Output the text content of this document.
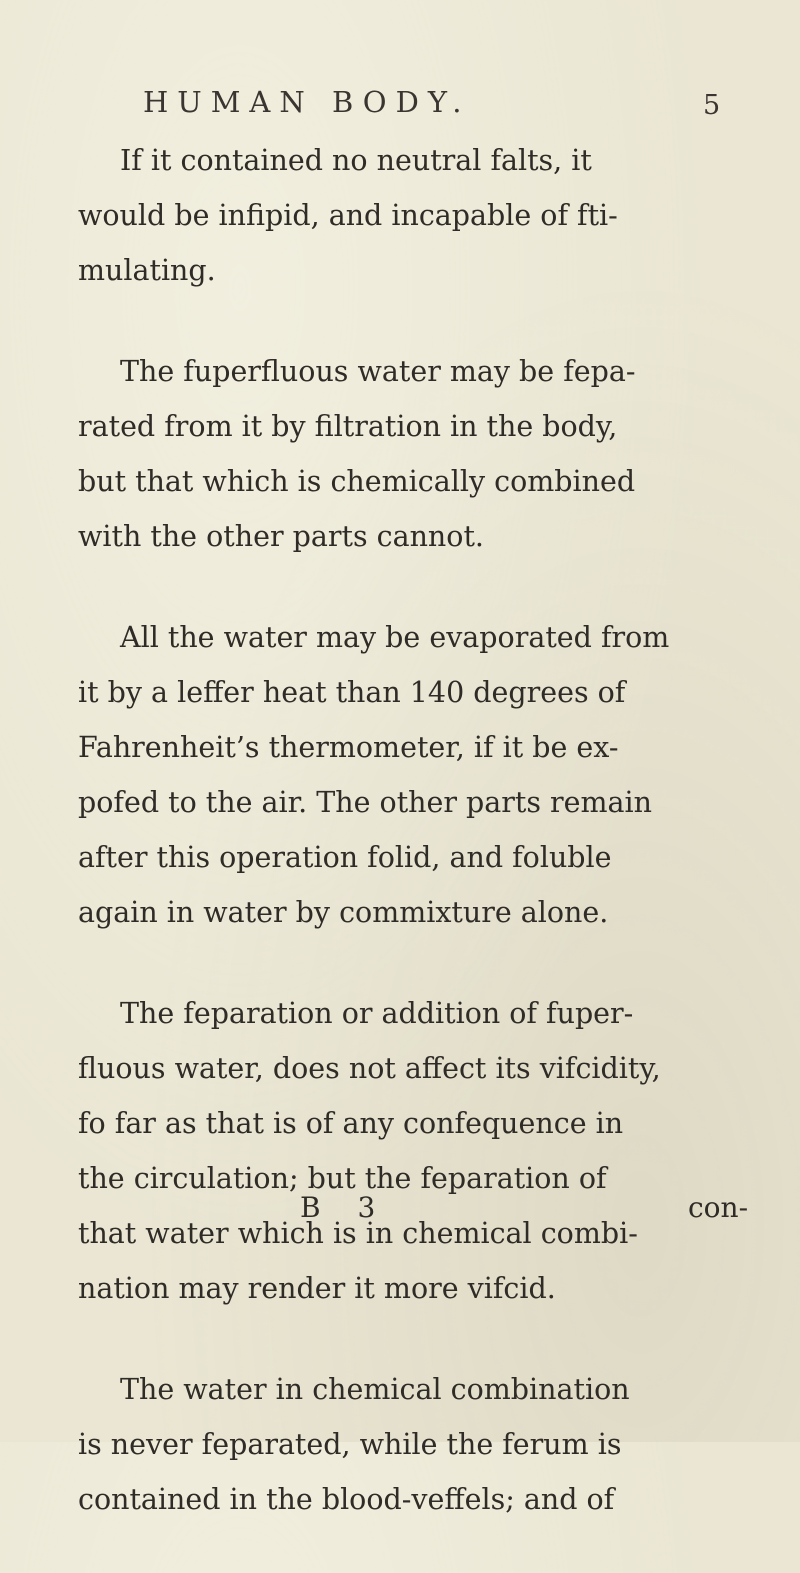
HUMAN BODY.	5

If it contained no neutral falts, it
would be infipid, and incapable of fti-
mulating.

The fuperfluous water may be fepa-
rated from it by filtration in the body,
but that which is chemically combined
with the other parts cannot.

All the water may be evaporated from
it by a leffer heat than 140 degrees of
Fahrenheit’s thermometer, if it be ex-
pofed to the air. The other parts remain
after this operation folid, and foluble
again in water by commixture alone.

The feparation or addition of fuper-
fluous water, does not affect its vifcidity,
fo far as that is of any confequence in
the circulation; but the feparation of
that water which is in chemical combi-
nation may render it more vifcid.

The water in chemical combination
is never feparated, while the ferum is
contained in the blood-veffels; and of

B 3	con-
